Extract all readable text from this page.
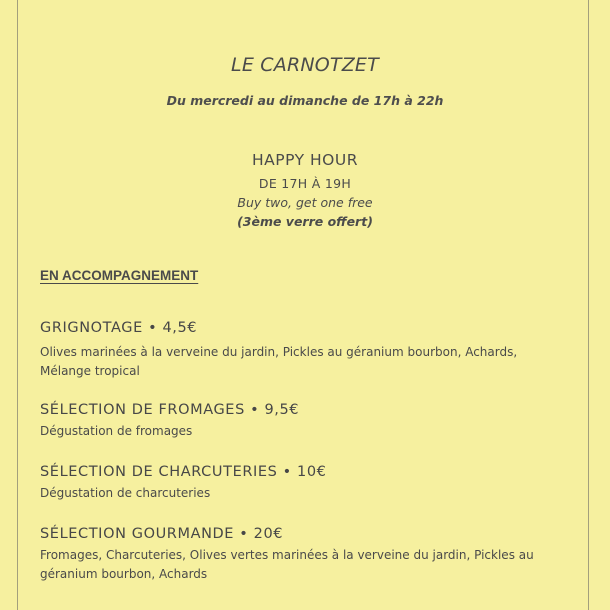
LE CARNOTZET
Du mercredi au dimanche de 17h à 22h
HAPPY HOUR
DE 17H À 19H
Buy two, get one free
(3ème verre offert)
EN ACCOMPAGNEMENT
GRIGNOTAGE • 4,5€
Olives marinées à la verveine du jardin, Pickles au géranium bourbon, Achards, Mélange tropical
SÉLECTION DE FROMAGES • 9,5€
Dégustation de fromages
SÉLECTION DE CHARCUTERIES • 10€
Dégustation de charcuteries
SÉLECTION GOURMANDE • 20€
Fromages, Charcuteries, Olives vertes marinées à la verveine du jardin, Pickles au géranium bourbon, Achards
